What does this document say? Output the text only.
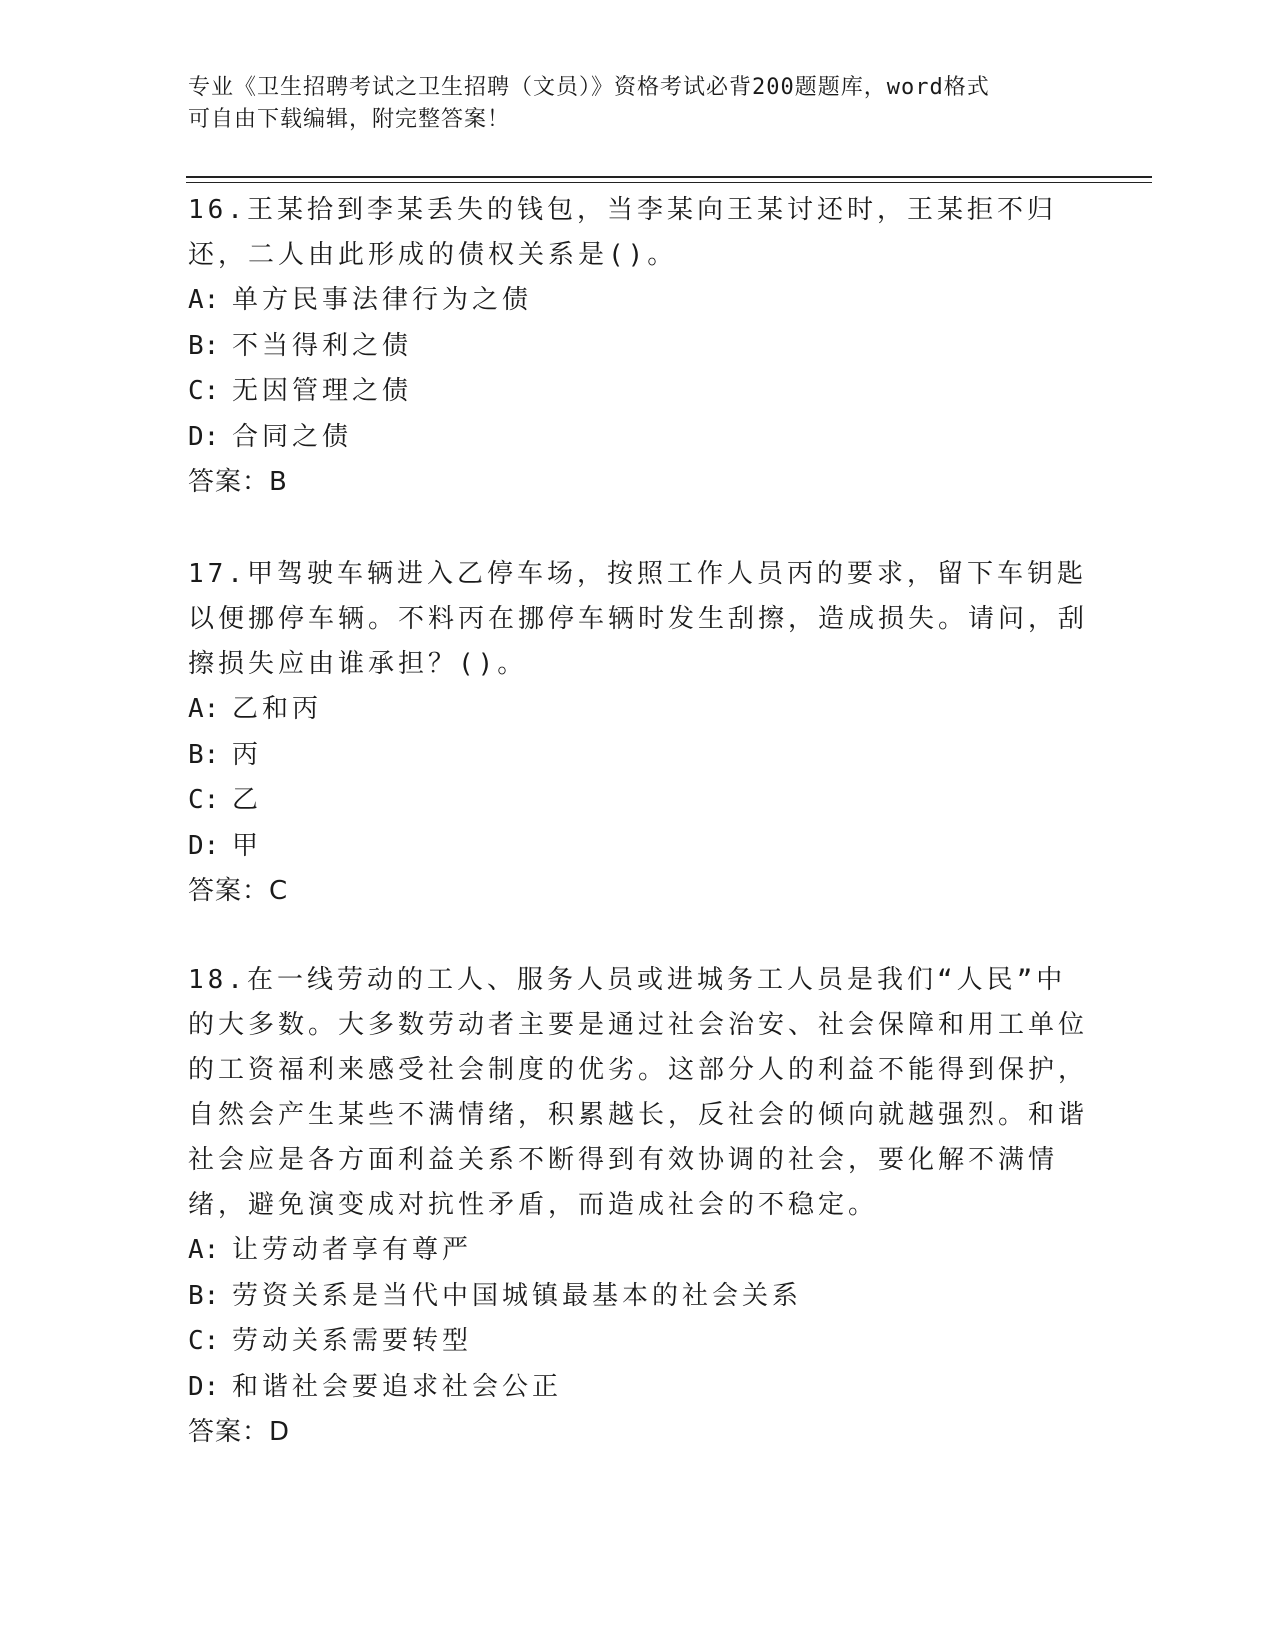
专业《卫生招聘考试之卫生招聘（文员）》资格考试必背200题题库，word格式
可自由下载编辑，附完整答案！

16.王某拾到李某丢失的钱包，当李某向王某讨还时，王某拒不归还，二人由此形成的债权关系是()。

A: 单方民事法律行为之债

B: 不当得利之债

C: 无因管理之债

D: 合同之债

答案：B

17.甲驾驶车辆进入乙停车场，按照工作人员丙的要求，留下车钥匙以便挪停车辆。不料丙在挪停车辆时发生刮擦，造成损失。请问，刮擦损失应由谁承担？()。

A: 乙和丙

B: 丙

C: 乙

D: 甲

答案：C

18.在一线劳动的工人、服务人员或进城务工人员是我们“人民”中的大多数。大多数劳动者主要是通过社会治安、社会保障和用工单位的工资福利来感受社会制度的优劣。这部分人的利益不能得到保护，自然会产生某些不满情绪，积累越长，反社会的倾向就越强烈。和谐社会应是各方面利益关系不断得到有效协调的社会，要化解不满情绪，避免演变成对抗性矛盾，而造成社会的不稳定。

A: 让劳动者享有尊严

B: 劳资关系是当代中国城镇最基本的社会关系

C: 劳动关系需要转型

D: 和谐社会要追求社会公正

答案：D
